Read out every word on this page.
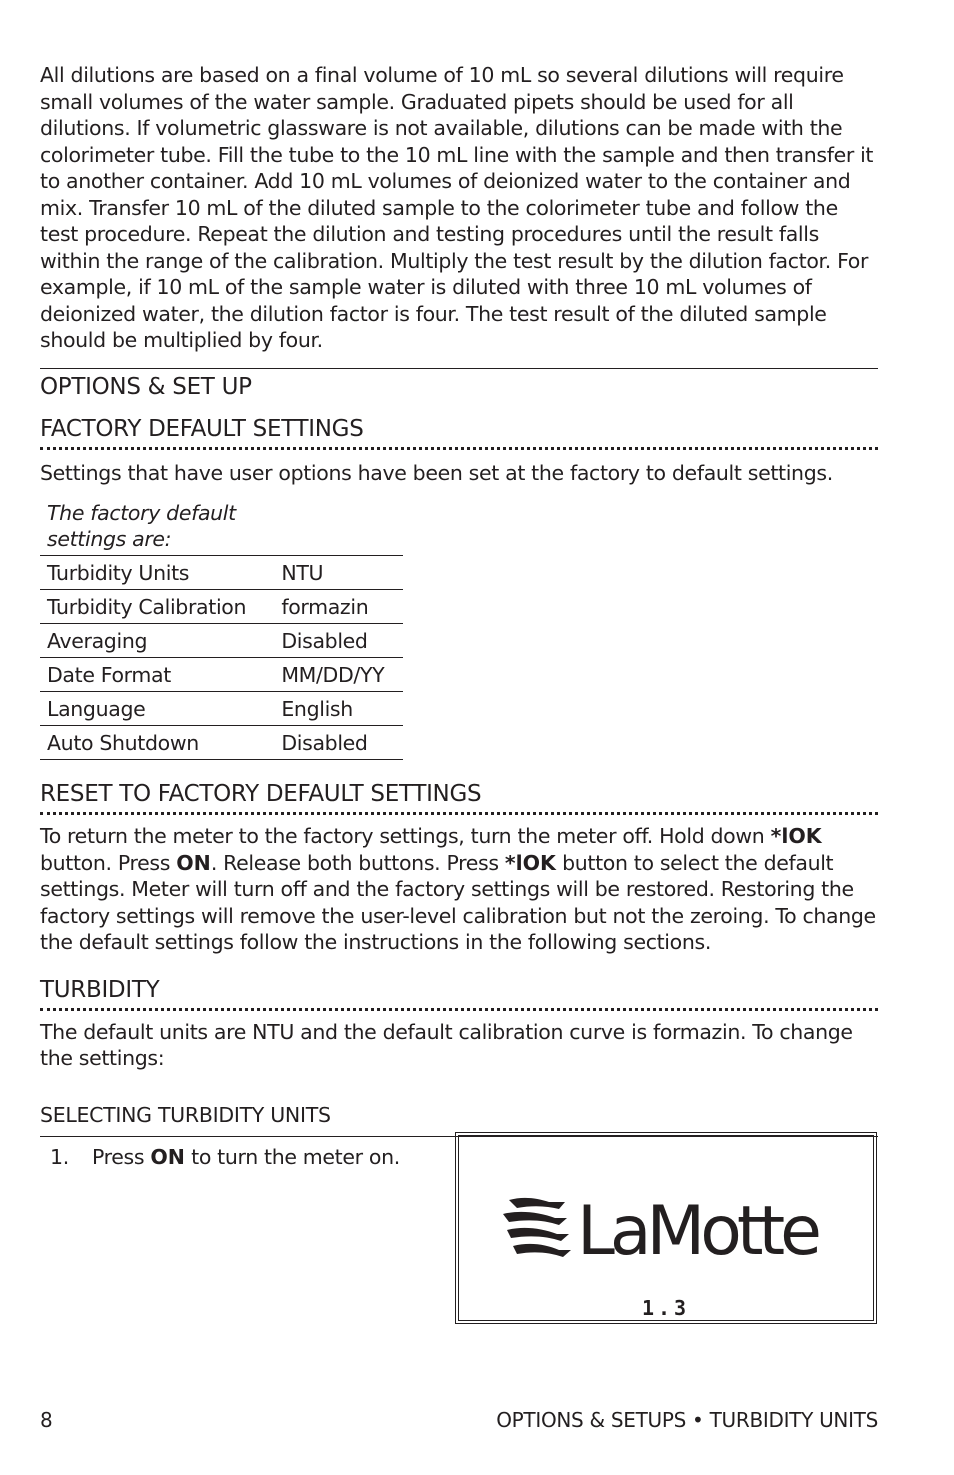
All dilutions are based on a final volume of 10 mL so several dilutions will require small volumes of the water sample. Graduated pipets should be used for all dilutions. If volumetric glassware is not available, dilutions can be made with the colorimeter tube. Fill the tube to the 10 mL line with the sample and then transfer it to another container. Add 10 mL volumes of deionized water to the container and mix. Transfer 10 mL of the diluted sample to the colorimeter tube and follow the test procedure. Repeat the dilution and testing procedures until the result falls within the range of the calibration. Multiply the test result by the dilution factor. For example, if 10 mL of the sample water is diluted with three 10 mL volumes of deionized water, the dilution factor is four. The test result of the diluted sample should be multiplied by four.

OPTIONS & SET UP
FACTORY DEFAULT SETTINGS

Settings that have user options have been set at the factory to default settings.

The factory default settings are:	
Turbidity Units	NTU
Turbidity Calibration	formazin
Averaging	Disabled
Date Format	MM/DD/YY
Language	English
Auto Shutdown	Disabled
RESET TO FACTORY DEFAULT SETTINGS

To return the meter to the factory settings, turn the meter off. Hold down *lOK button. Press ON. Release both buttons. Press *lOK button to select the default settings. Meter will turn off and the factory settings will be restored. Restoring the factory settings will remove the user-level calibration but not the zeroing. To change the default settings follow the instructions in the following sections.

TURBIDITY

The default units are NTU and the default calibration curve is formazin. To change the settings:

SELECTING TURBIDITY UNITS
1. Press ON to turn the meter on.
LaMotte
1.3
8	OPTIONS & SETUPS • TURBIDITY UNITS
